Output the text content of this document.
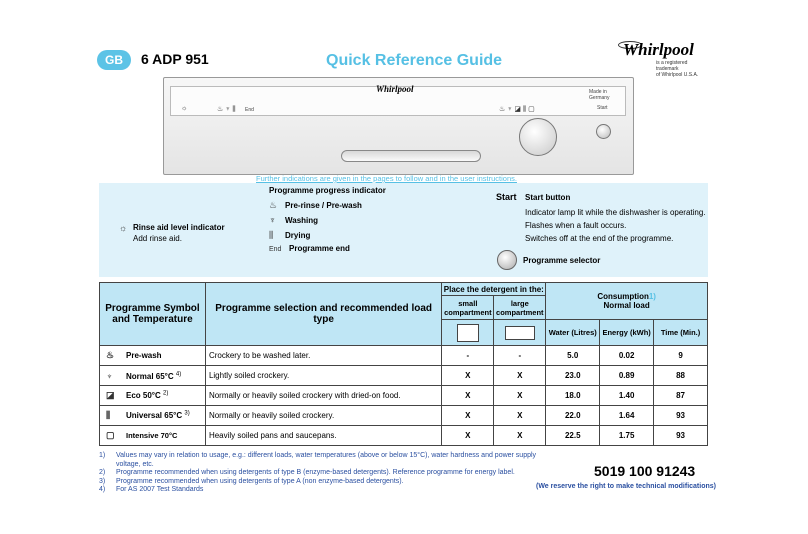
GB	6 ADP 951	Quick Reference Guide
Whirlpool
is a registered trademark
of Whirlpool U.S.A.
☼	♨ ♆ ⫼ End	♨ ♆ ◪ ⫼ ▢	Start
Made in Germany
Whirlpool
Further indications are given in the pages to follow and in the user instructions.
☼ Rinse aid level indicator
Add rinse aid.
Programme progress indicator
♨ Pre-rinse / Pre-wash
♆ Washing
⫼ Drying
End Programme end
Start Start button
Indicator lamp lit while the dishwasher is operating.
Flashes when a fault occurs.
Switches off at the end of the programme.
Programme selector
Programme Symbol and Temperature	Programme selection and recommended load type	Place the detergent in the:		Consumption1)
Normal load		
		small compartment	large compartment			
				Water (Litres)	Energy (kWh)	Time (Min.)
♨ Pre-wash	Crockery to be washed later.	-	-	5.0	0.02	9
♆ Normal 65°C $^{4)}$	Lightly soiled crockery.	X	X	23.0	0.89	88
◪ Eco 50°C $^{2)}$	Normally or heavily soiled crockery with dried-on food.	X	X	18.0	1.40	87
⫼ Universal 65°C $^{3)}$	Normally or heavily soiled crockery.	X	X	22.0	1.64	93
▢ Intensive 70°C	Heavily soiled pans and saucepans.	X	X	22.5	1.75	93
1) Values may vary in relation to usage, e.g.: different loads, water temperatures (above or below 15°C), water hardness and power supply voltage, etc.
2) Programme recommended when using detergents of type B (enzyme-based detergents). Reference programme for energy label.
3) Programme recommended when using detergents of type A (non enzyme-based detergents).
4) For AS 2007 Test Standards
5019 100 91243
(We reserve the right to make technical modifications)
